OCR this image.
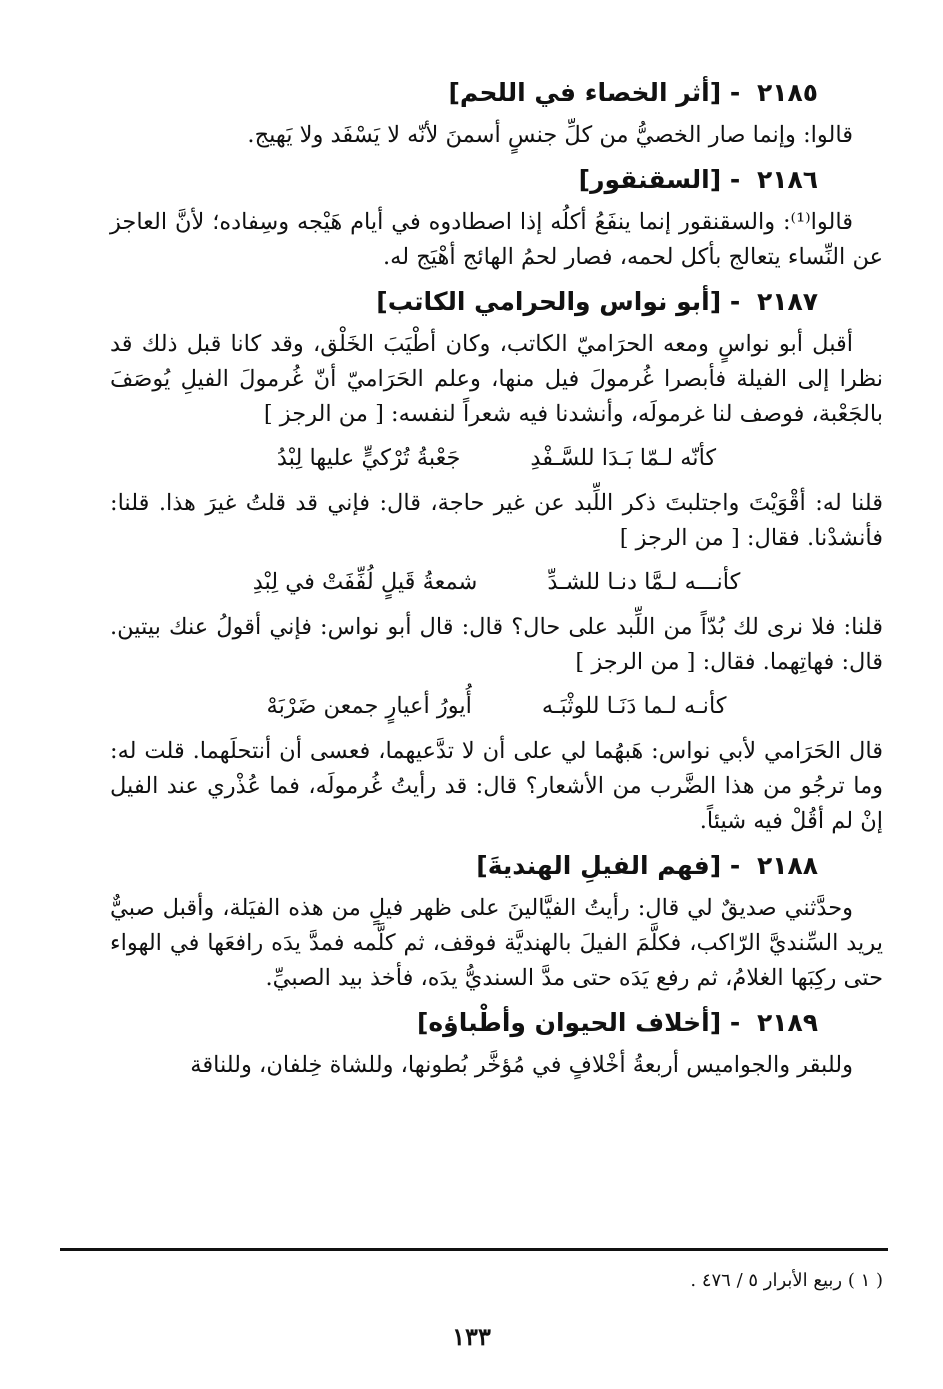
٢١٨٥ - [أثر الخصاء في اللحم]

قالوا: وإنما صار الخصيُّ من كلِّ جنسٍ أسمنَ لأنّه لا يَسْفَد ولا يَهيج.

٢١٨٦ - [السقنقور]

قالوا⁽¹⁾: والسقنقور إنما ينفَعُ أكلُه إذا اصطادوه في أيام هَيْجه وسِفاده؛ لأنَّ العاجز عن النِّساء يتعالج بأكل لحمه، فصار لحمُ الهائج أهْيَج له.

٢١٨٧ - [أبو نواس والحرامي الكاتب]

أقبل أبو نواسٍ ومعه الحرَاميّ الكاتب، وكان أطْيَبَ الخَلْق، وقد كانا قبل ذلك قد نظرا إلى الفيلة فأبصرا غُرمولَ فيل منها، وعلم الحَرَاميّ أنّ غُرمولَ الفيلِ يُوصَفَ بالجَعْبة، فوصف لنا غرمولَه، وأنشدنا فيه شعراً لنفسه: [ من الرجز ]

كأنّه لـمّا بَـدَا للسَّـفْدِ
جَعْبةُ تُرْكيٍّ عليها لِبْدُ

قلنا له: أقْوَيْتَ واجتلبتَ ذكر اللِّبد عن غير حاجة، قال: فإني قد قلتُ غيرَ هذا. قلنا: فأنشدْنا. فقال: [ من الرجز ]

كأنـــه لـمَّا دنـا للشـدِّ
شمعةُ قَيلٍ لُفِّفَتْ في لِبْدِ

قلنا: فلا نرى لك بُدّاً من اللِّبد على حال؟ قال: قال أبو نواس: فإني أقولُ عنك بيتين. قال: فهاتِهما. فقال: [ من الرجز ]

كأنـه لـما دَنَـا للوثْبَـه
أُيورُ أعيارٍ جمعن ضَرْبَهْ

قال الحَرَامي لأبي نواس: هَبهُما لي على أن لا تدَّعيهما، فعسى أن أنتحلَهما. قلت له: وما ترجُو من هذا الضَّرب من الأشعار؟ قال: قد رأيتُ غُرمولَه، فما عُذْري عند الفيل إنْ لم أقُلْ فيه شيئاً.

٢١٨٨ - [فهم الفيلِ الهنديةَ]

وحدَّثني صديقٌ لي قال: رأيتُ الفيَّالينَ على ظهر فيلٍ من هذه الفيَلة، وأقبل صبيٌّ يريد السِّنديَّ الرّاكب، فكلَّمَ الفيلَ بالهنديَّة فوقف، ثم كلَّمه فمدَّ يدَه رافعَها في الهواء حتى ركِبَها الغلامُ، ثم رفع يَدَه حتى مدَّ السنديُّ يدَه، فأخذ بيد الصبيِّ.

٢١٨٩ - [أخلاف الحيوان وأطْباؤه]

وللبقر والجواميس أربعةُ أخْلافٍ في مُؤخَّر بُطونها، وللشاة خِلفان، وللناقة

( ١ ) ربيع الأبرار ٥ / ٤٧٦ .
١٣٣
